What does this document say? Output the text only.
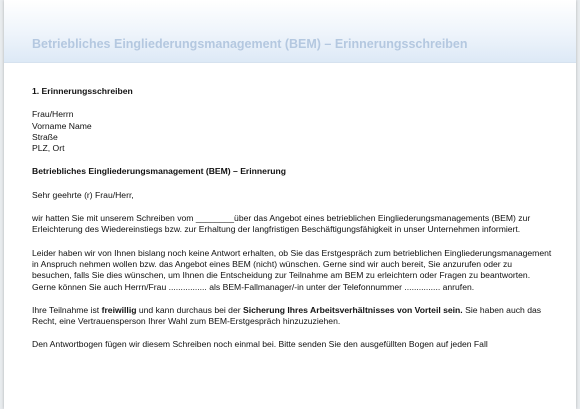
Betriebliches Eingliederungsmanagement (BEM) – Erinnerungsschreiben

1. Erinnerungsschreiben

Frau/Herrn

Vorname Name

Straße

PLZ, Ort

Betriebliches Eingliederungsmanagement (BEM) – Erinnerung

Sehr geehrte (r) Frau/Herr,

wir hatten Sie mit unserem Schreiben vom ________über das Angebot eines betrieblichen Eingliederungsmanagements (BEM) zur Erleichterung des Wiedereinstiegs bzw. zur Erhaltung der langfristigen Beschäftigungsfähigkeit in unser Unternehmen informiert.

Leider haben wir von Ihnen bislang noch keine Antwort erhalten, ob Sie das Erstgespräch zum betrieblichen Eingliederungsmanagement in Anspruch nehmen wollen bzw. das Angebot eines BEM (nicht) wünschen. Gerne sind wir auch bereit, Sie anzurufen oder zu besuchen, falls Sie dies wünschen, um Ihnen die Entscheidung zur Teilnahme am BEM zu erleichtern oder Fragen zu beantworten. Gerne können Sie auch Herrn/Frau ................ als BEM-Fallmanager/-in unter der Telefonnummer ............... anrufen.

Ihre Teilnahme ist freiwillig und kann durchaus bei der Sicherung Ihres Arbeitsverhältnisses von Vorteil sein. Sie haben auch das Recht, eine Vertrauensperson Ihrer Wahl zum BEM-Erstgespräch hinzuzuziehen.

Den Antwortbogen fügen wir diesem Schreiben noch einmal bei. Bitte senden Sie den ausgefüllten Bogen auf jeden Fall
